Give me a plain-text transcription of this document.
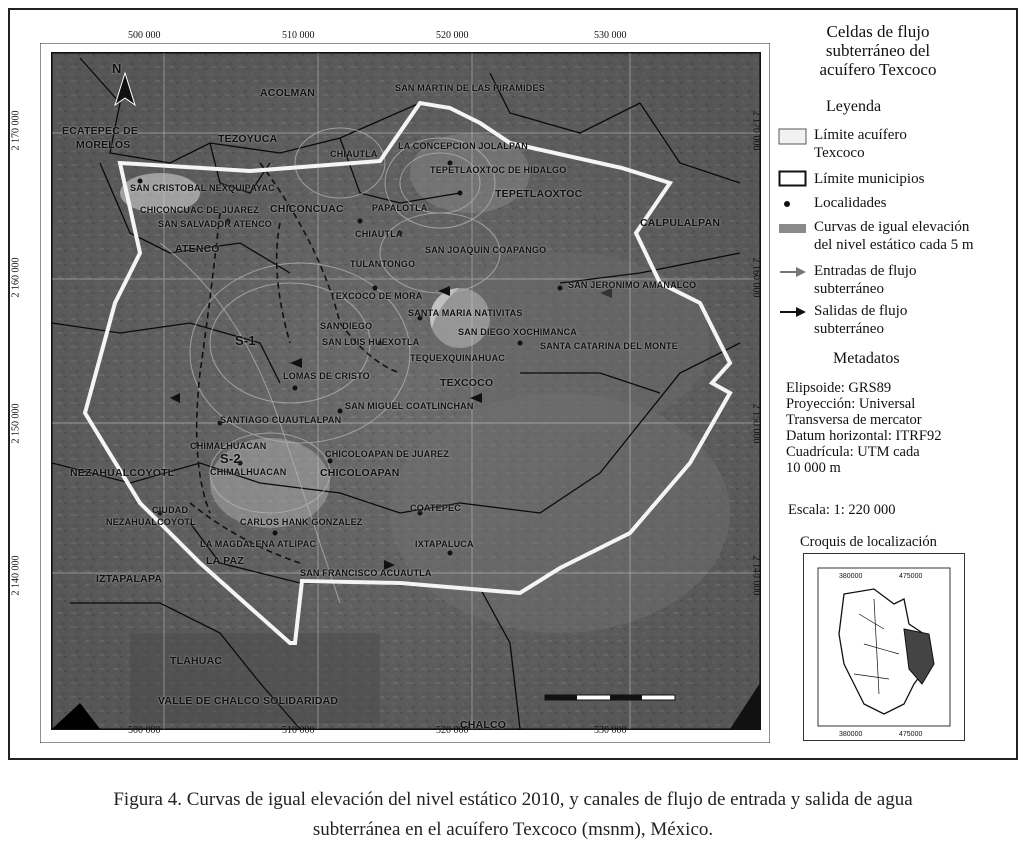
N
ACOLMAN	SAN MARTIN DE LAS PIRAMIDES
ECATEPEC DE
MORELOS	TEZOYUCA
CHIAUTLA
LA CONCEPCION JOLALPAN
TEPETLAOXTOC DE HIDALGO
TEPETLAOXTOC
SAN CRISTOBAL NEXQUIPAYAC
CHICONCUAC	PAPALOTLA
CALPULALPAN
CHICONCUAC DE JUAREZ
SAN SALVADOR ATENCO
CHIAUTLA
ATENCO	SAN JOAQUIN COAPANGO
TULANTONGO
SAN JERONIMO AMANALCO
TEXCOCO DE MORA
SANTA MARIA NATIVITAS
SAN DIEGO
SAN DIEGO XOCHIMANCA
S-1	SAN LUIS HUEXOTLA	SANTA CATARINA DEL MONTE
TEQUEXQUINAHUAC
LOMAS DE CRISTO
TEXCOCO
SAN MIGUEL COATLINCHAN
SANTIAGO CUAUTLALPAN
CHIMALHUACAN
S-2	CHICOLOAPAN DE JUAREZ
NEZAHUALCOYOTL	CHIMALHUACAN	CHICOLOAPAN
CIUDAD
NEZAHUALCOYOTL
COATEPEC
CARLOS HANK GONZALEZ
LA MAGDALENA ATLIPAC	IXTAPALUCA
LA PAZ
IZTAPALAPA	SAN FRANCISCO ACUAUTLA
TLAHUAC
VALLE DE CHALCO SOLIDARIDAD
CHALCO
500 000	510 000	520 000	530 000
500 000	510 000	520 000	530 000
2 170 000
2 160 000
2 150 000
2 140 000
2 170 000
2 160 000
2 150 000
2 140 000
Celdas de flujo
subterráneo del
acuífero Texcoco
Leyenda
Límite acuífero
Texcoco
Límite municipios
Localidades
Curvas de igual elevación
del nivel estático cada 5 m
Entradas de flujo
subterráneo
Salidas de flujo
subterráneo
Metadatos
Elipsoide: GRS89
Proyección: Universal
Transversa de mercator
Datum horizontal: ITRF92
Cuadrícula: UTM cada
10 000 m
Escala: 1: 220 000
Croquis de localización
380000	475000
380000	475000
Figura 4. Curvas de igual elevación del nivel estático 2010, y canales de flujo de entrada y salida de agua
subterránea en el acuífero Texcoco (msnm), México.
